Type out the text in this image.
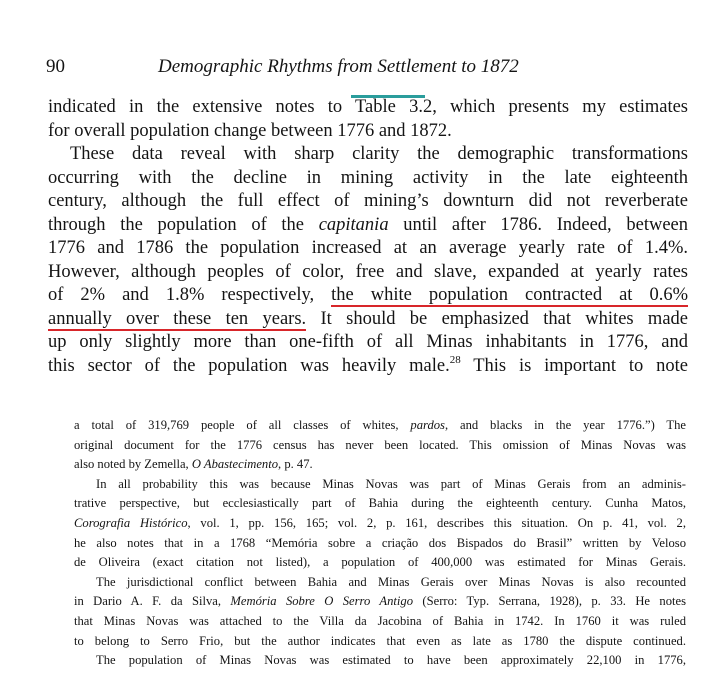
90	Demographic Rhythms from Settlement to 1872
indicated in the extensive notes to Table 3.2, which presents my estimates
for overall population change between 1776 and 1872.
These data reveal with sharp clarity the demographic transformations
occurring with the decline in mining activity in the late eighteenth
century, although the full effect of mining’s downturn did not reverberate
through the population of the capitania until after 1786. Indeed, between
1776 and 1786 the population increased at an average yearly rate of 1.4%.
However, although peoples of color, free and slave, expanded at yearly rates
of 2% and 1.8% respectively, the white population contracted at 0.6%
annually over these ten years. It should be emphasized that whites made
up only slightly more than one-fifth of all Minas inhabitants in 1776, and
this sector of the population was heavily male.$^{28}$ This is important to note
a total of 319,769 people of all classes of whites, pardos, and blacks in the year 1776.”) The
original document for the 1776 census has never been located. This omission of Minas Novas was
also noted by Zemella, O Abastecimento, p. 47.
In all probability this was because Minas Novas was part of Minas Gerais from an adminis-
trative perspective, but ecclesiastically part of Bahia during the eighteenth century. Cunha Matos,
Corografia Histórico, vol. 1, pp. 156, 165; vol. 2, p. 161, describes this situation. On p. 41, vol. 2,
he also notes that in a 1768 “Memória sobre a criação dos Bispados do Brasil” written by Veloso
de Oliveira (exact citation not listed), a population of 400,000 was estimated for Minas Gerais.
The jurisdictional conflict between Bahia and Minas Gerais over Minas Novas is also recounted
in Dario A. F. da Silva, Memória Sobre O Serro Antigo (Serro: Typ. Serrana, 1928), p. 33. He notes
that Minas Novas was attached to the Villa da Jacobina of Bahia in 1742. In 1760 it was ruled
to belong to Serro Frio, but the author indicates that even as late as 1780 the dispute continued.
The population of Minas Novas was estimated to have been approximately 22,100 in 1776,
